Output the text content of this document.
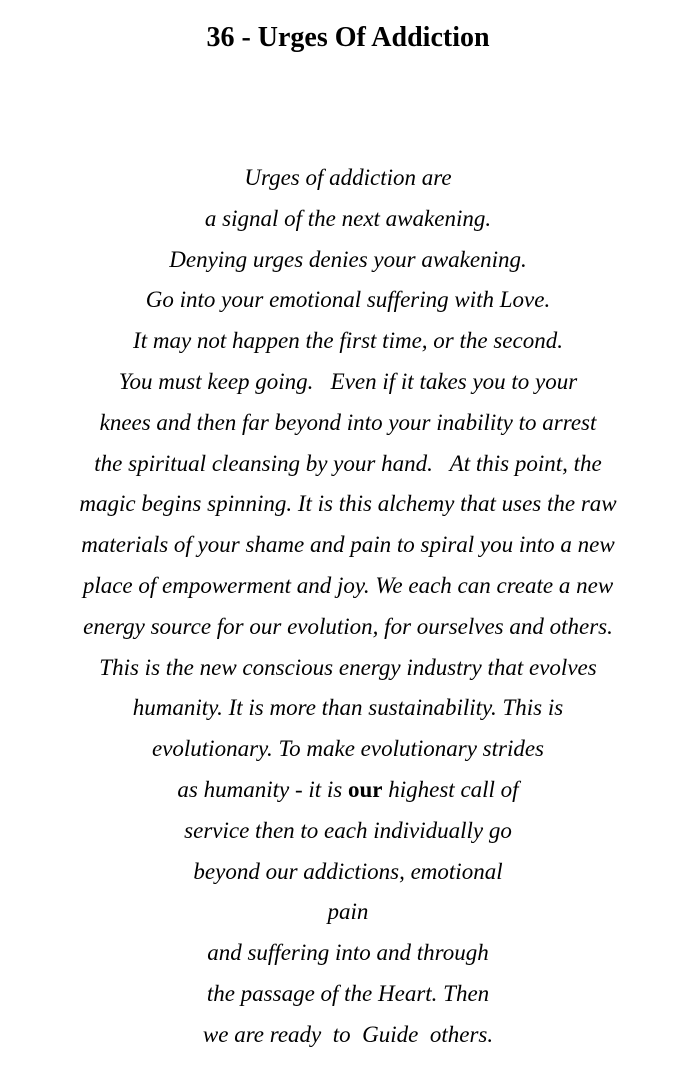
36 - Urges Of Addiction
Urges of addiction are
a signal of the next awakening.
Denying urges denies your awakening.
Go into your emotional suffering with Love.
It may not happen the first time, or the second.
You must keep going.   Even if it takes you to your
knees and then far beyond into your inability to arrest
the spiritual cleansing by your hand.   At this point, the
magic begins spinning. It is this alchemy that uses the raw
materials of your shame and pain to spiral you into a new
place of empowerment and joy. We each can create a new
energy source for our evolution, for ourselves and others.
This is the new conscious energy industry that evolves
humanity. It is more than sustainability. This is
evolutionary. To make evolutionary strides
as humanity - it is our highest call of
service then to each individually go
beyond our addictions, emotional
pain
and suffering into and through
the passage of the Heart. Then
we are ready  to  Guide  others.
